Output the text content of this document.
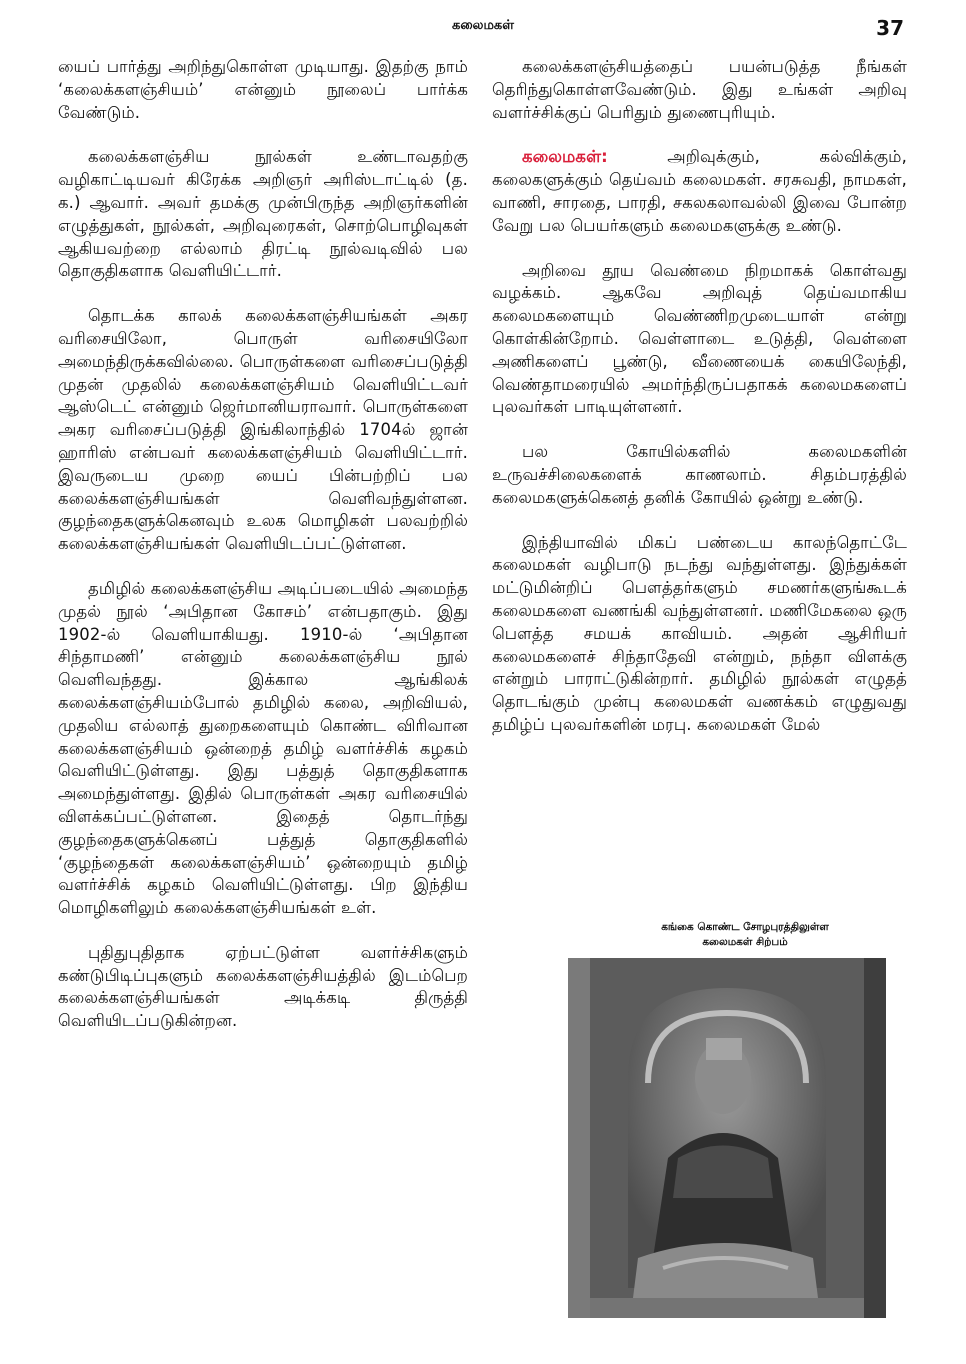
கலைமகள்	37

யைப் பார்த்து அறிந்துகொள்ள முடியாது. இதற்கு நாம் ‘கலைக்களஞ்சியம்’ என்னும் நூலைப் பார்க்க வேண்டும்.

கலைக்களஞ்சிய நூல்கள் உண்டாவதற்கு வழிகாட்டியவர் கிரேக்க அறிஞர் அரிஸ்டாட்டில் (த. க.) ஆவார். அவர் தமக்கு முன்பிருந்த அறிஞர்களின் எழுத்துகள், நூல்கள், அறிவுரைகள், சொற்பொழிவுகள் ஆகியவற்றை எல்லாம் திரட்டி நூல்வடிவில் பல தொகுதிகளாக வெளியிட்டார்.

தொடக்க காலக் கலைக்களஞ்சியங்கள் அகர வரிசையிலோ, பொருள் வரிசையிலோ அமைந்திருக்கவில்லை. பொருள்களை வரிசைப்படுத்தி முதன் முதலில் கலைக்களஞ்சியம் வெளியிட்டவர் ஆஸ்டெட் என்னும் ஜெர்மானியராவார். பொருள்களை அகர வரிசைப்படுத்தி இங்கிலாந்தில் 1704ல் ஜான் ஹாரிஸ் என்பவர் கலைக்களஞ்சியம் வெளியிட்டார். இவருடைய முறை யைப் பின்பற்றிப் பல கலைக்களஞ்சியங்கள் வெளிவந்துள்ளன. குழந்தைகளுக்கெனவும் உலக மொழிகள் பலவற்றில் கலைக்களஞ்சியங்கள் வெளியிடப்பட்டுள்ளன.

தமிழில் கலைக்களஞ்சிய அடிப்படையில் அமைந்த முதல் நூல் ‘அபிதான கோசம்’ என்பதாகும். இது 1902-ல் வெளியாகியது. 1910-ல் ‘அபிதான சிந்தாமணி’ என்னும் கலைக்களஞ்சிய நூல் வெளிவந்தது. இக்கால ஆங்கிலக் கலைக்களஞ்சியம்போல் தமிழில் கலை, அறிவியல், முதலிய எல்லாத் துறைகளையும் கொண்ட விரிவான கலைக்களஞ்சியம் ஒன்றைத் தமிழ் வளர்ச்சிக் கழகம் வெளியிட்டுள்ளது. இது பத்துத் தொகுதிகளாக அமைந்துள்ளது. இதில் பொருள்கள் அகர வரிசையில் விளக்கப்பட்டுள்ளன. இதைத் தொடர்ந்து குழந்தைகளுக்கெனப் பத்துத் தொகுதிகளில் ‘குழந்தைகள் கலைக்களஞ்சியம்’ ஒன்றையும் தமிழ் வளர்ச்சிக் கழகம் வெளியிட்டுள்ளது. பிற இந்திய மொழிகளிலும் கலைக்களஞ்சியங்கள் உள்.

புதிதுபுதிதாக ஏற்பட்டுள்ள வளர்ச்சிகளும் கண்டுபிடிப்புகளும் கலைக்களஞ்சியத்தில் இடம்பெற கலைக்களஞ்சியங்கள் அடிக்கடி திருத்தி வெளியிடப்படுகின்றன.

கலைக்களஞ்சியத்தைப் பயன்படுத்த நீங்கள் தெரிந்துகொள்ளவேண்டும். இது உங்கள் அறிவு வளர்ச்சிக்குப் பெரிதும் துணைபுரியும்.

கலைமகள்:	அறிவுக்கும், கல்விக்கும், கலைகளுக்கும் தெய்வம் கலைமகள். சரசுவதி, நாமகள், வாணி, சாரதை, பாரதி, சகலகலாவல்லி இவை போன்ற வேறு பல பெயர்களும் கலைமகளுக்கு உண்டு.

அறிவை தூய வெண்மை நிறமாகக் கொள்வது வழக்கம். ஆகவே அறிவுத் தெய்வமாகிய கலைமகளையும் வெண்ணிறமுடையாள் என்று கொள்கின்றோம். வெள்ளாடை உடுத்தி, வெள்ளை அணிகளைப் பூண்டு, வீணையைக் கையிலேந்தி, வெண்தாமரையில் அமர்ந்திருப்பதாகக் கலைமகளைப் புலவர்கள் பாடியுள்ளனர்.

பல கோயில்களில் கலைமகளின் உருவச்சிலைகளைக் காணலாம். சிதம்பரத்தில் கலைமகளுக்கெனத் தனிக் கோயில் ஒன்று உண்டு.

இந்தியாவில் மிகப் பண்டைய காலந்தொட்டே கலைமகள் வழிபாடு நடந்து வந்துள்ளது. இந்துக்கள் மட்டுமின்றிப் பௌத்தர்களும் சமணர்களுங்கூடக் கலைமகளை வணங்கி வந்துள்ளனர். மணிமேகலை ஒரு பௌத்த சமயக் காவியம். அதன் ஆசிரியர் கலைமகளைச் சிந்தாதேவி என்றும், நந்தா விளக்கு என்றும் பாராட்டுகின்றார். தமிழில் நூல்கள் எழுதத் தொடங்கும் முன்பு கலைமகள் வணக்கம் எழுதுவது தமிழ்ப் புலவர்களின் மரபு. கலைமகள் மேல்

கங்கை கொண்ட சோழபுரத்திலுள்ள
கலைமகள் சிற்பம்
